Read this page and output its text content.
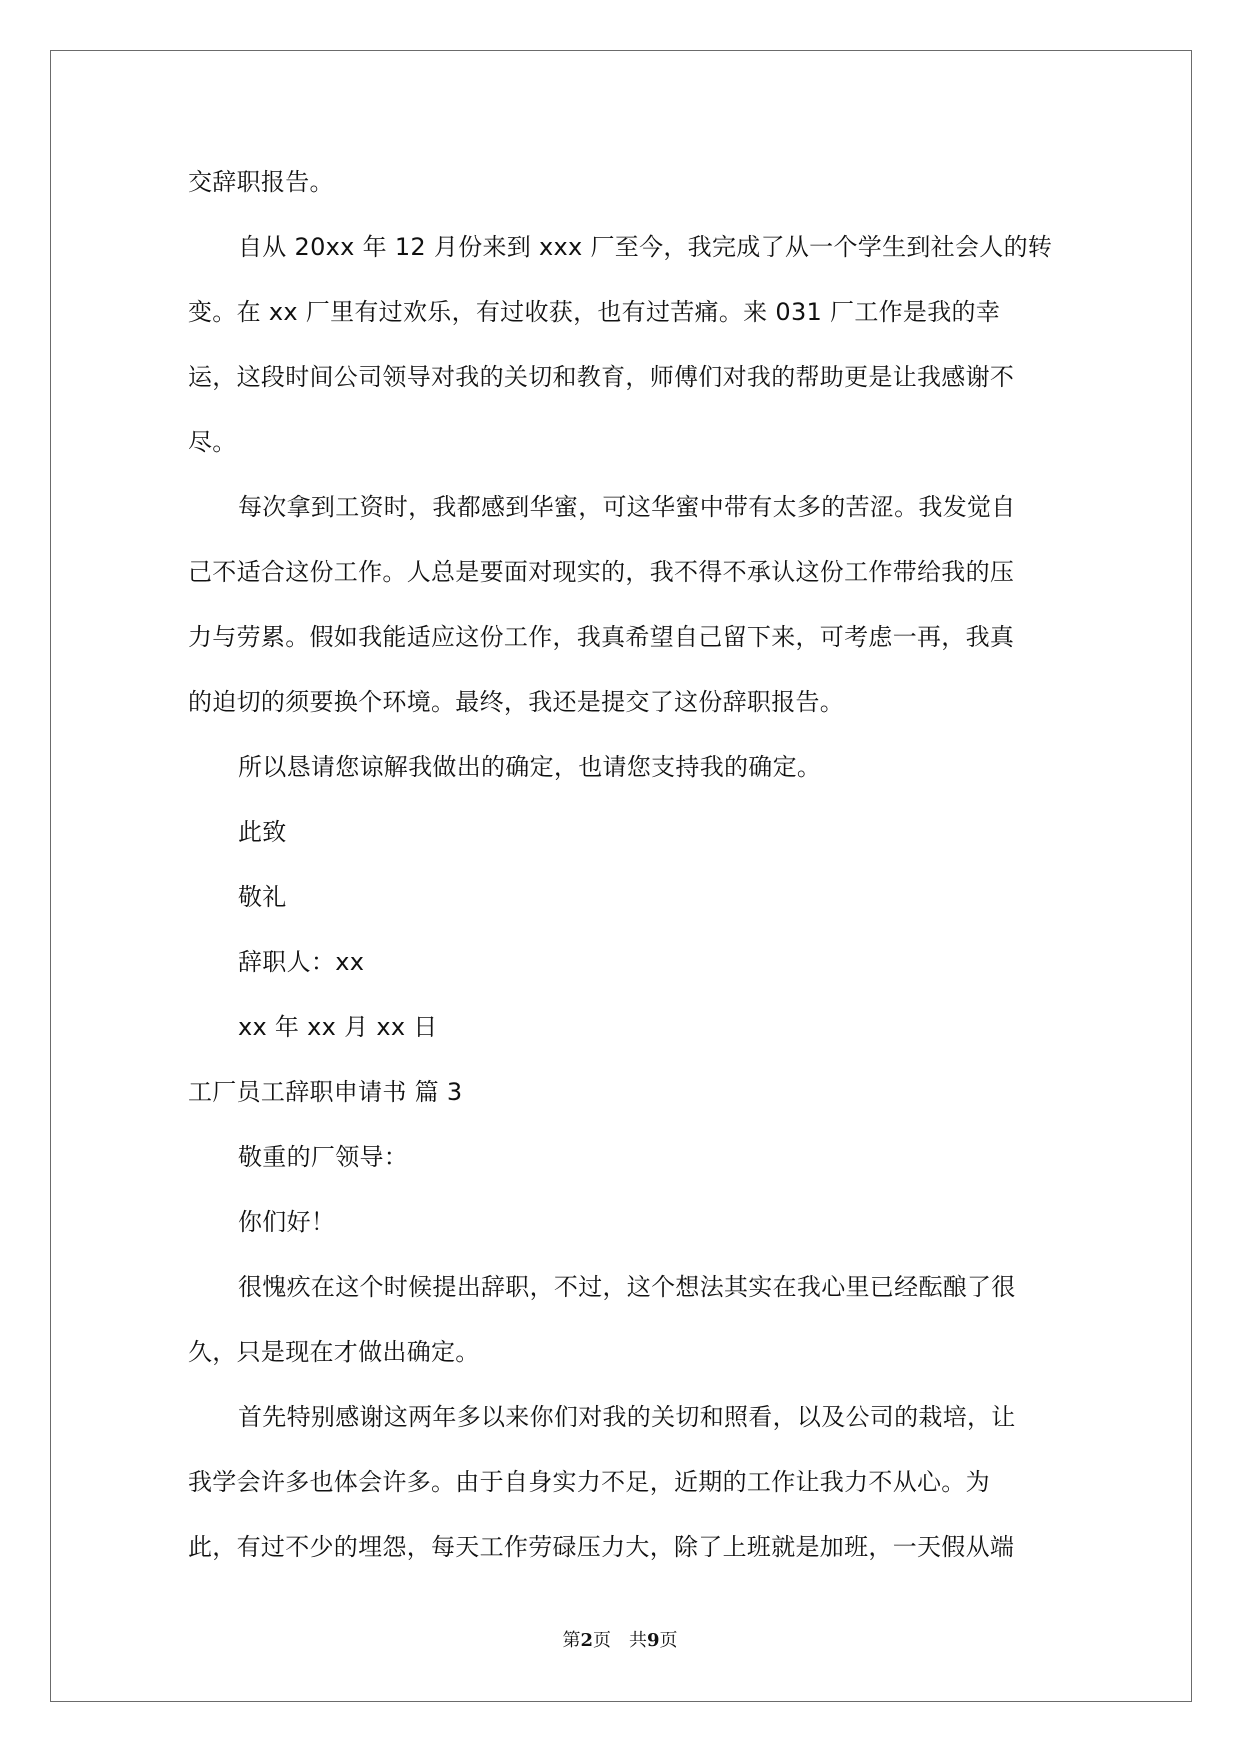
交辞职报告。
自从 20xx 年 12 月份来到 xxx 厂至今，我完成了从一个学生到社会人的转
变。在 xx 厂里有过欢乐，有过收获，也有过苦痛。来 031 厂工作是我的幸
运，这段时间公司领导对我的关切和教育，师傅们对我的帮助更是让我感谢不
尽。
每次拿到工资时，我都感到华蜜，可这华蜜中带有太多的苦涩。我发觉自
己不适合这份工作。人总是要面对现实的，我不得不承认这份工作带给我的压
力与劳累。假如我能适应这份工作，我真希望自己留下来，可考虑一再，我真
的迫切的须要换个环境。最终，我还是提交了这份辞职报告。
所以恳请您谅解我做出的确定，也请您支持我的确定。
此致
敬礼
辞职人：xx
xx 年 xx 月 xx 日
工厂员工辞职申请书 篇 3
敬重的厂领导：
你们好！
很愧疚在这个时候提出辞职，不过，这个想法其实在我心里已经酝酿了很
久，只是现在才做出确定。
首先特别感谢这两年多以来你们对我的关切和照看，以及公司的栽培，让
我学会许多也体会许多。由于自身实力不足，近期的工作让我力不从心。为
此，有过不少的埋怨，每天工作劳碌压力大，除了上班就是加班，一天假从端
第2页　共9页
